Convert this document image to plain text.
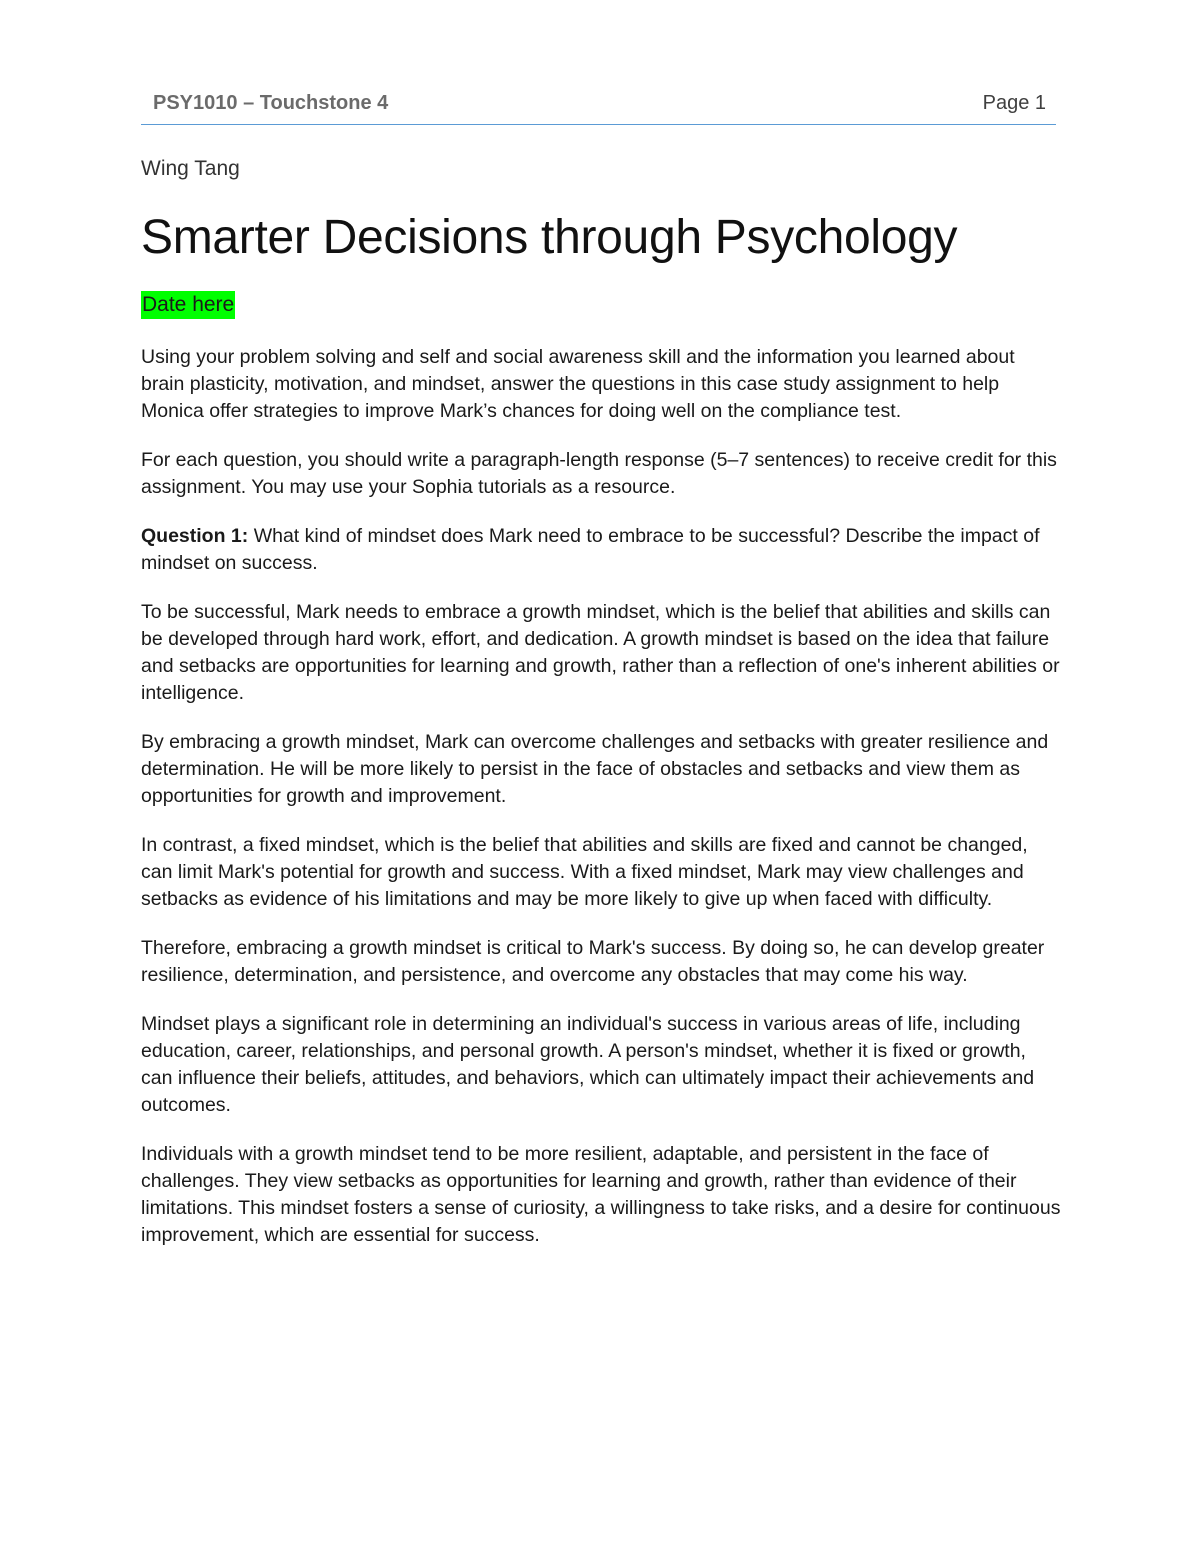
PSY1010 – Touchstone 4	Page 1
Wing Tang
Smarter Decisions through Psychology
Date here

Using your problem solving and self and social awareness skill and the information you learned about brain plasticity, motivation, and mindset, answer the questions in this case study assignment to help Monica offer strategies to improve Mark’s chances for doing well on the compliance test.

For each question, you should write a paragraph-length response (5–7 sentences) to receive credit for this assignment. You may use your Sophia tutorials as a resource.

Question 1: What kind of mindset does Mark need to embrace to be successful? Describe the impact of mindset on success.

To be successful, Mark needs to embrace a growth mindset, which is the belief that abilities and skills can be developed through hard work, effort, and dedication. A growth mindset is based on the idea that failure and setbacks are opportunities for learning and growth, rather than a reflection of one's inherent abilities or intelligence.

By embracing a growth mindset, Mark can overcome challenges and setbacks with greater resilience and determination. He will be more likely to persist in the face of obstacles and setbacks and view them as opportunities for growth and improvement.

In contrast, a fixed mindset, which is the belief that abilities and skills are fixed and cannot be changed, can limit Mark's potential for growth and success. With a fixed mindset, Mark may view challenges and setbacks as evidence of his limitations and may be more likely to give up when faced with difficulty.

Therefore, embracing a growth mindset is critical to Mark's success. By doing so, he can develop greater resilience, determination, and persistence, and overcome any obstacles that may come his way.

Mindset plays a significant role in determining an individual's success in various areas of life, including education, career, relationships, and personal growth. A person's mindset, whether it is fixed or growth, can influence their beliefs, attitudes, and behaviors, which can ultimately impact their achievements and outcomes.

Individuals with a growth mindset tend to be more resilient, adaptable, and persistent in the face of challenges. They view setbacks as opportunities for learning and growth, rather than evidence of their limitations. This mindset fosters a sense of curiosity, a willingness to take risks, and a desire for continuous improvement, which are essential for success.
